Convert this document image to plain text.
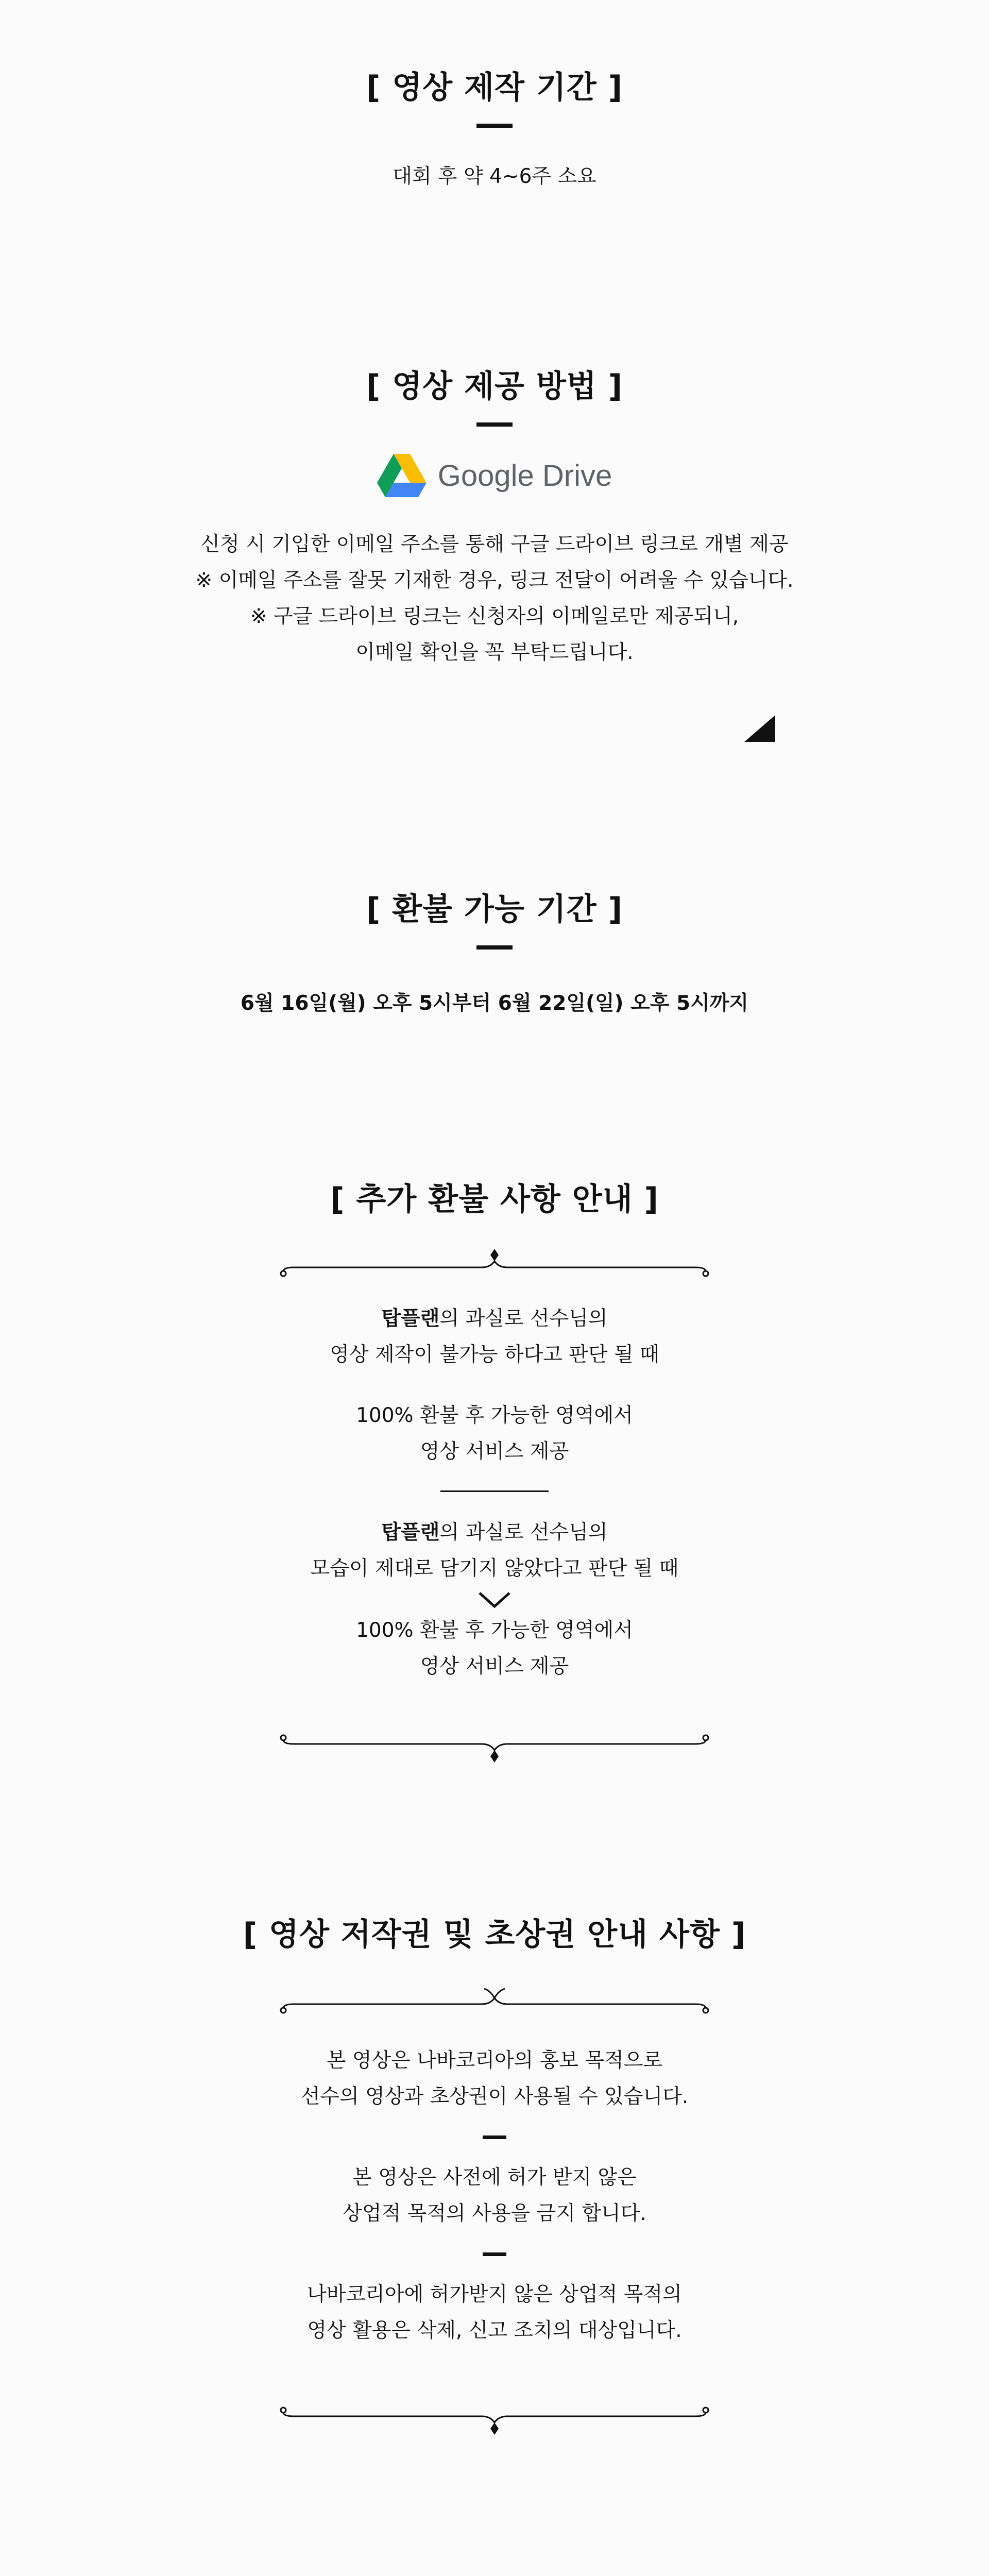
[ 영상 제작 기간 ]

대회 후 약 4~6주 소요

[ 영상 제공 방법 ]
Google Drive

신청 시 기입한 이메일 주소를 통해 구글 드라이브 링크로 개별 제공

※ 이메일 주소를 잘못 기재한 경우, 링크 전달이 어려울 수 있습니다.

※ 구글 드라이브 링크는 신청자의 이메일로만 제공되니,

이메일 확인을 꼭 부탁드립니다.

[ 환불 가능 기간 ]

6월 16일(월) 오후 5시부터 6월 22일(일) 오후 5시까지

[ 추가 환불 사항 안내 ]

탑플랜의 과실로 선수님의

영상 제작이 불가능 하다고 판단 될 때

100% 환불 후 가능한 영역에서

영상 서비스 제공

탑플랜의 과실로 선수님의

모습이 제대로 담기지 않았다고 판단 될 때

100% 환불 후 가능한 영역에서

영상 서비스 제공

[ 영상 저작권 및 초상권 안내 사항 ]

본 영상은 나바코리아의 홍보 목적으로

선수의 영상과 초상권이 사용될 수 있습니다.

본 영상은 사전에 허가 받지 않은

상업적 목적의 사용을 금지 합니다.

나바코리아에 허가받지 않은 상업적 목적의

영상 활용은 삭제, 신고 조치의 대상입니다.
